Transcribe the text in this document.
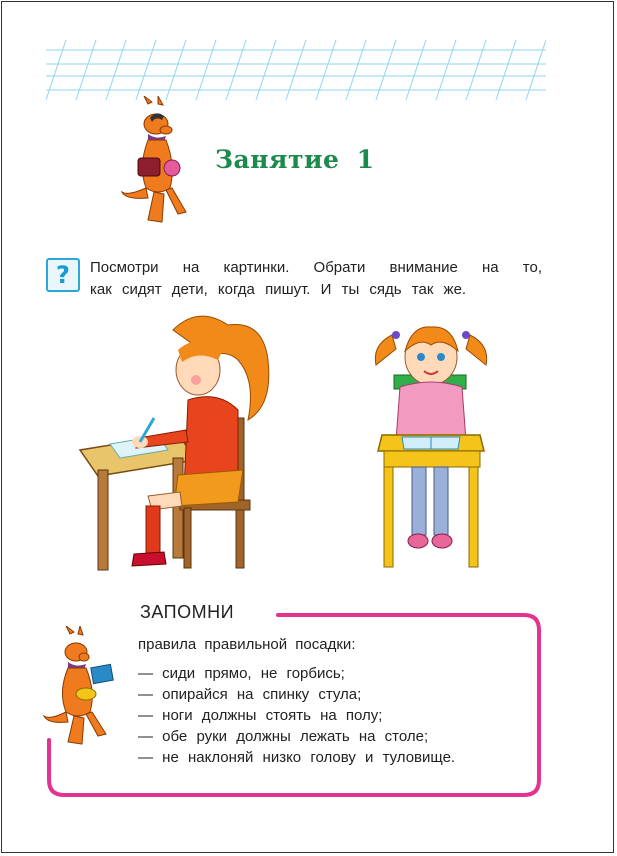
Занятие 1
?	Посмотри на картинки. Обрати внимание на то,
как сидят дети, когда пишут. И ты сядь так же.
ЗАПОМНИ
правила правильной посадки:
— сиди прямо, не горбись;
— опирайся на спинку стула;
— ноги должны стоять на полу;
— обе руки должны лежать на столе;
— не наклоняй низко голову и туловище.
